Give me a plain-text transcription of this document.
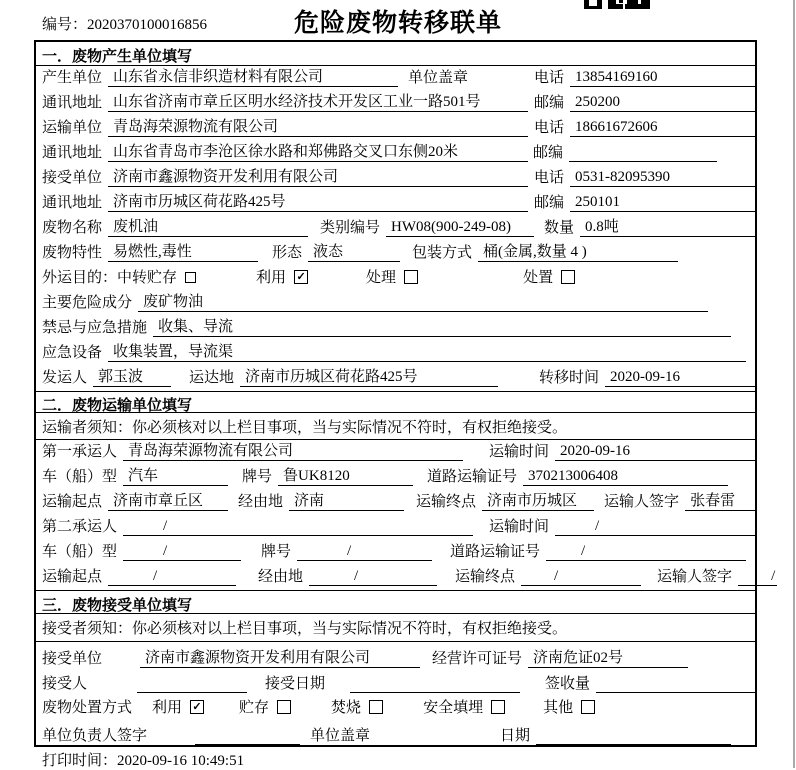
编号：2020370100016856	危险废物转移联单
一．废物产生单位填写
产生单位 山东省永信非织造材料有限公司	单位盖章	电话 13854169160
通讯地址 山东省济南市章丘区明水经济技术开发区工业一路501号	邮编 250200
运输单位 青岛海荣源物流有限公司	电话 18661672606
通讯地址 山东省青岛市李沧区徐水路和郑佛路交叉口东侧20米	邮编
接受单位 济南市鑫源物资开发利用有限公司	电话 0531-82095390
通讯地址 济南市历城区荷花路425号	邮编 250101
废物名称 废机油	类别编号 HW08(900-249-08)	数量 0.8吨
废物特性 易燃性,毒性	形态 液态	包装方式 桶(金属,数量 4 )
外运目的： 中转贮存	利用 ✓	处理	处置
主要危险成分 废矿物油
禁忌与应急措施 收集、导流
应急设备 收集装置，导流渠
发运人 郭玉波	运达地 济南市历城区荷花路425号	转移时间 2020-09-16
二．废物运输单位填写
运输者须知： 你必须核对以上栏目事项，当与实际情况不符时，有权拒绝接受。
第一承运人 青岛海荣源物流有限公司	运输时间 2020-09-16
车（船）型 汽车	牌号 鲁UK8120	道路运输证号 370213006408
运输起点 济南市章丘区	经由地 济南	运输终点 济南市历城区	运输人签字 张春雷
第二承运人	/	运输时间	/
车（船）型	/	牌号	/	道路运输证号	/
运输起点	/	经由地	/	运输终点	/	运输人签字	/
三．废物接受单位填写
接受者须知： 你必须核对以上栏目事项，当与实际情况不符时，有权拒绝接受。
接受单位	济南市鑫源物资开发利用有限公司	经营许可证号 济南危证02号
接受人	接受日期	签收量
废物处置方式 利用 ✓ 贮存	焚烧	安全填埋	其他
单位负责人签字	单位盖章	日期
打印时间：2020-09-16 10:49:51
